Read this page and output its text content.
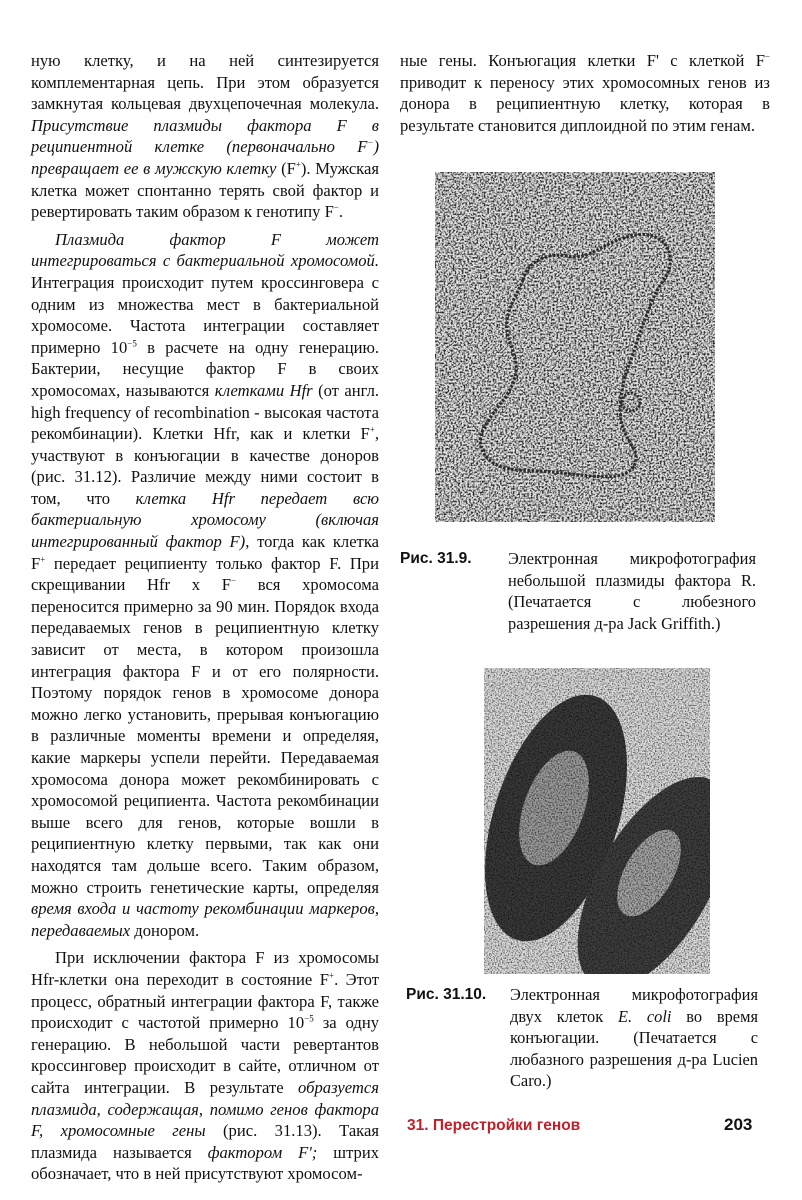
ную клетку, и на ней синтезируется комплементарная цепь. При этом образуется замкнутая кольцевая двухцепочечная молекула. Присутствие плазмиды фактора F в реципиентной клетке (первоначально F−) превращает ее в мужскую клетку (F+). Мужская клетка может спонтанно терять свой фактор и ревертировать таким образом к генотипу F−.

Плазмида фактор F может интегрироваться с бактериальной хромосомой. Интеграция происходит путем кроссинговера с одним из множества мест в бактериальной хромосоме. Частота интеграции составляет примерно $10^{-5}$ в расчете на одну генерацию. Бактерии, несущие фактор F в своих хромосомах, называются клетками Hfr (от англ. high frequency of recombination - высокая частота рекомбинации). Клетки Hfr, как и клетки F+, участвуют в конъюгации в качестве доноров (рис. 31.12). Различие между ними состоит в том, что клетка Hfr передает всю бактериальную хромосому (включая интегрированный фактор F), тогда как клетка F+ передает реципиенту только фактор F. При скрещивании Hfr x F− вся хромосома переносится примерно за 90 мин. Порядок входа передаваемых генов в реципиентную клетку зависит от места, в котором произошла интеграция фактора F и от его полярности. Поэтому порядок генов в хромосоме донора можно легко установить, прерывая конъюгацию в различные моменты времени и определяя, какие маркеры успели перейти. Передаваемая хромосома донора может рекомбинировать с хромосомой реципиента. Частота рекомбинации выше всего для генов, которые вошли в реципиентную клетку первыми, так как они находятся там дольше всего. Таким образом, можно строить генетические карты, определяя время входа и частоту рекомбинации маркеров, передаваемых донором.

При исключении фактора F из хромосомы Hfr-клетки она переходит в состояние F+. Этот процесс, обратный интеграции фактора F, также происходит с частотой примерно $10^{-5}$ за одну генерацию. В небольшой части ревертантов кроссинговер происходит в сайте, отличном от сайта интеграции. В результате образуется плазмида, содержащая, помимо генов фактора F, хромосомные гены (рис. 31.13). Такая плазмида называется фактором F'; штрих обозначает, что в ней присутствуют хромосом-

ные гены. Конъюгация клетки F' с клеткой F− приводит к переносу этих хромосомных генов из донора в реципиентную клетку, которая в результате становится диплоидной по этим генам.

Рис. 31.9. Электронная микрофотография небольшой плазмиды фактора R. (Печатается с любезного разрешения д-ра Jack Griffith.)
Рис. 31.10. Электронная микрофотография двух клеток E. coli во время конъюгации. (Печатается с любазного разрешения д-ра Lucien Caro.)
31. Перестройки генов	203
